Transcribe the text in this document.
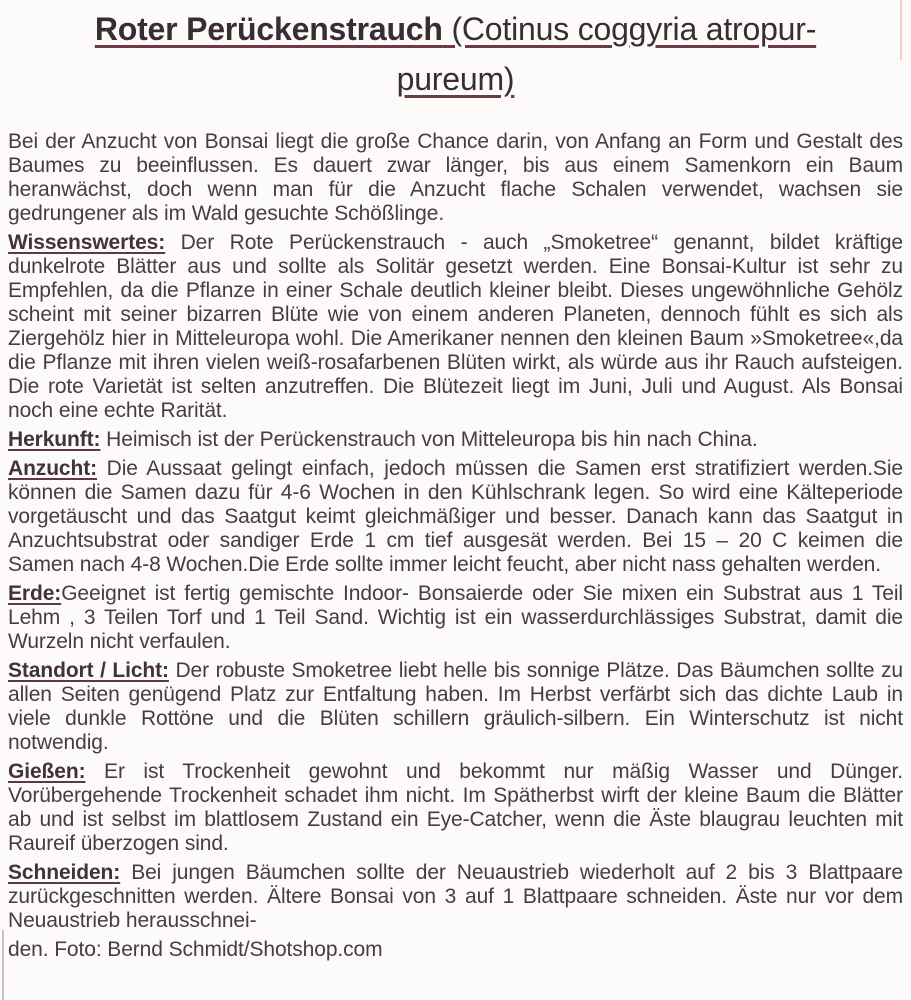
Roter Perückenstrauch (Cotinus coggyria atropur-
pureum)

Bei der Anzucht von Bonsai liegt die große Chance darin, von Anfang an Form und Gestalt des Baumes zu beeinflussen. Es dauert zwar länger, bis aus einem Samenkorn ein Baum heranwächst, doch wenn man für die Anzucht flache Schalen verwendet, wachsen sie gedrungener als im Wald gesuchte Schößlinge.

Wissenswertes: Der Rote Perückenstrauch - auch „Smoketree“ genannt, bildet kräftige dunkelrote Blätter aus und sollte als Solitär gesetzt werden. Eine Bonsai-Kultur ist sehr zu Empfehlen, da die Pflanze in einer Schale deutlich kleiner bleibt. Dieses ungewöhnliche Gehölz scheint mit seiner bizarren Blüte wie von einem anderen Planeten, dennoch fühlt es sich als Ziergehölz hier in Mitteleuropa wohl. Die Amerikaner nennen den kleinen Baum »Smoketree«,da die Pflanze mit ihren vielen weiß-rosafarbenen Blüten wirkt, als würde aus ihr Rauch aufsteigen. Die rote Varietät ist selten anzutreffen. Die Blütezeit liegt im Juni, Juli und August. Als Bonsai noch eine echte Rarität.

Herkunft: Heimisch ist der Perückenstrauch von Mitteleuropa bis hin nach China.

Anzucht: Die Aussaat gelingt einfach, jedoch müssen die Samen erst stratifiziert werden.Sie können die Samen dazu für 4-6 Wochen in den Kühlschrank legen. So wird eine Kälteperiode vorgetäuscht und das Saatgut keimt gleichmäßiger und besser. Danach kann das Saatgut in Anzuchtsubstrat oder sandiger Erde 1 cm tief ausgesät werden. Bei 15 – 20 C keimen die Samen nach 4-8 Wochen.Die Erde sollte immer leicht feucht, aber nicht nass gehalten werden.

Erde:Geeignet ist fertig gemischte Indoor- Bonsaierde oder Sie mixen ein Substrat aus 1 Teil Lehm , 3 Teilen Torf und 1 Teil Sand. Wichtig ist ein wasserdurchlässiges Substrat, damit die Wurzeln nicht verfaulen.

Standort / Licht: Der robuste Smoketree liebt helle bis sonnige Plätze. Das Bäumchen sollte zu allen Seiten genügend Platz zur Entfaltung haben. Im Herbst verfärbt sich das dichte Laub in viele dunkle Rottöne und die Blüten schillern gräulich-silbern. Ein Winterschutz ist nicht notwendig.

Gießen: Er ist Trockenheit gewohnt und bekommt nur mäßig Wasser und Dünger. Vorübergehende Trockenheit schadet ihm nicht. Im Spätherbst wirft der kleine Baum die Blätter ab und ist selbst im blattlosem Zustand ein Eye-Catcher, wenn die Äste blaugrau leuchten mit Raureif überzogen sind.

Schneiden: Bei jungen Bäumchen sollte der Neuaustrieb wiederholt auf 2 bis 3 Blattpaare zurückgeschnitten werden. Ältere Bonsai von 3 auf 1 Blattpaare schneiden. Äste nur vor dem Neuaustrieb herausschnei-

den. Foto: Bernd Schmidt/Shotshop.com
